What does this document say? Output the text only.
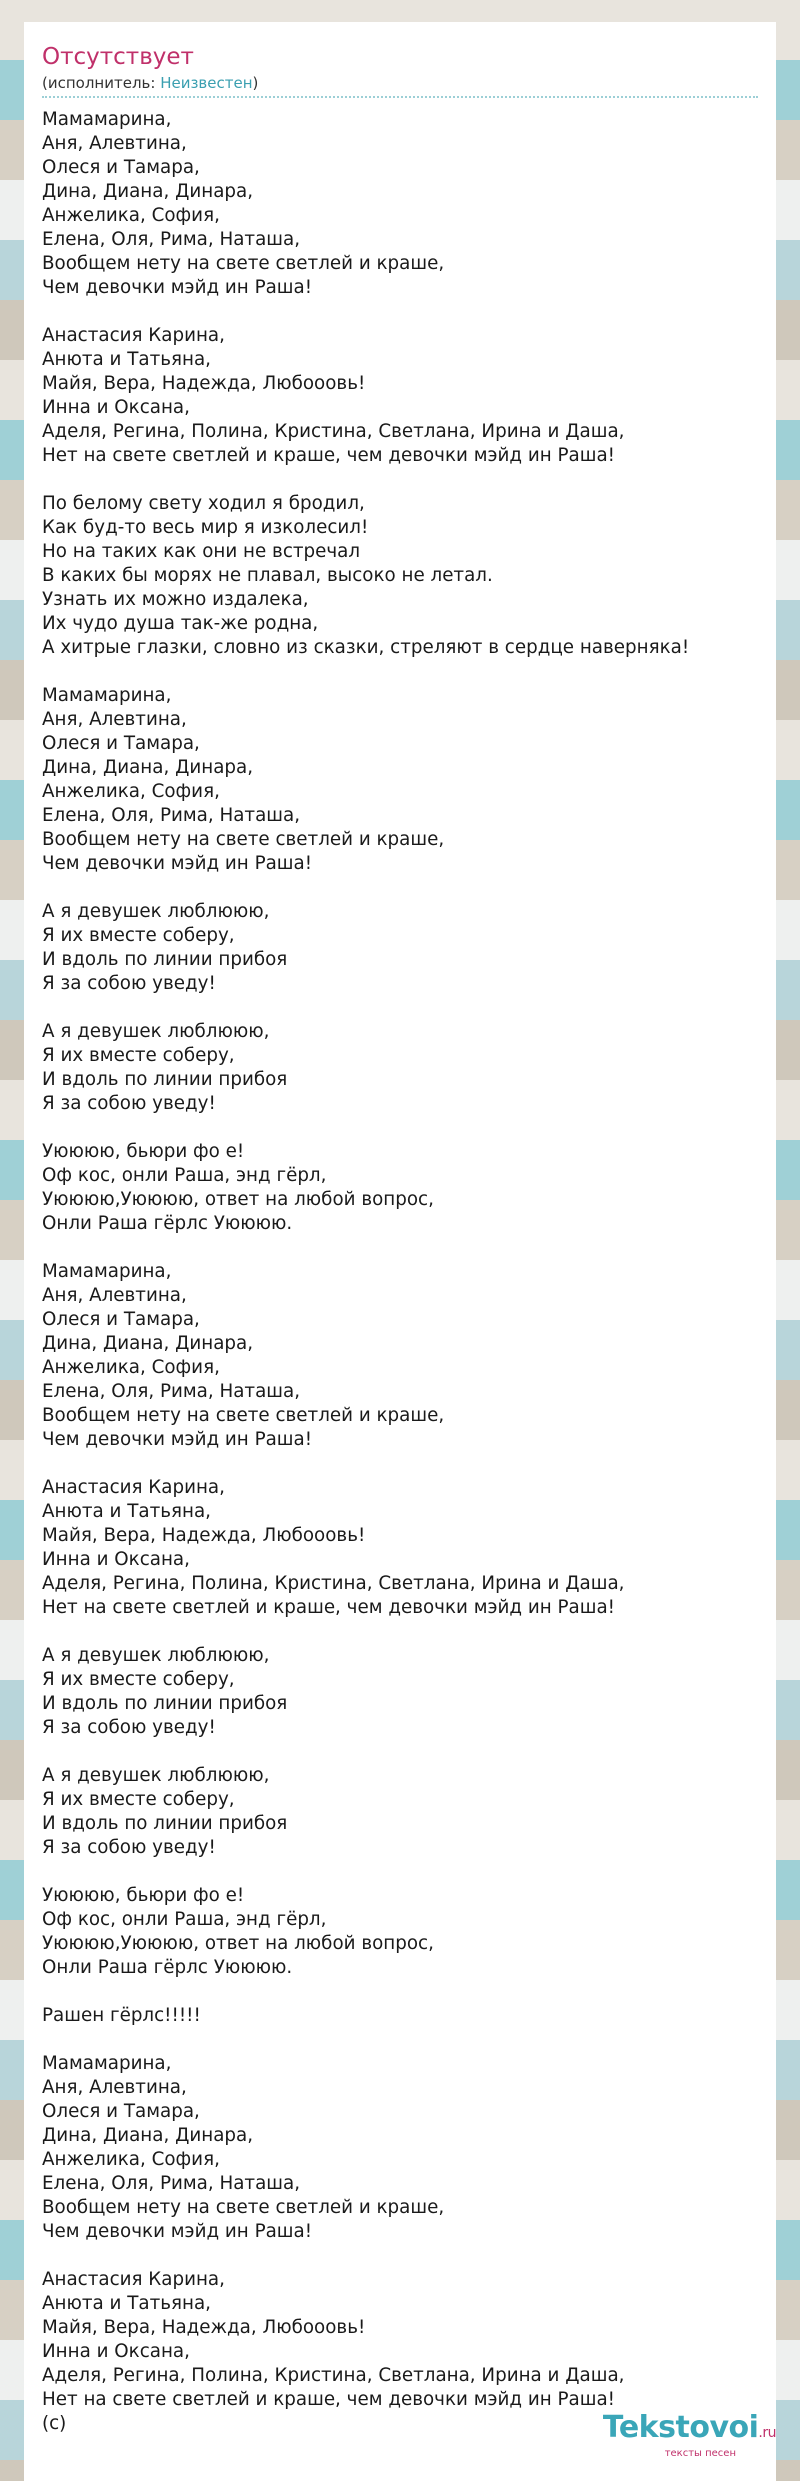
Отсутствует
(исполнитель: Неизвестен)
Мамамарина,
Аня, Алевтина,
Олеся и Тамара,
Дина, Диана, Динара,
Анжелика, София,
Елена, Оля, Рима, Наташа,
Вообщем нету на свете светлей и краше,
Чем девочки мэйд ин Раша!
Анастасия Карина,
Анюта и Татьяна,
Майя, Вера, Надежда, Любооовь!
Инна и Оксана,
Аделя, Регина, Полина, Кристина, Светлана, Ирина и Даша,
Нет на свете светлей и краше, чем девочки мэйд ин Раша!
По белому свету ходил я бродил,
Как буд-то весь мир я изколесил!
Но на таких как они не встречал
В каких бы морях не плавал, высоко не летал.
Узнать их можно издалека,
Их чудо душа так-же родна,
А хитрые глазки, словно из сказки, стреляют в сердце наверняка!
Мамамарина,
Аня, Алевтина,
Олеся и Тамара,
Дина, Диана, Динара,
Анжелика, София,
Елена, Оля, Рима, Наташа,
Вообщем нету на свете светлей и краше,
Чем девочки мэйд ин Раша!
А я девушек люблююю,
Я их вместе соберу,
И вдоль по линии прибоя
Я за собою уведу!
А я девушек люблююю,
Я их вместе соберу,
И вдоль по линии прибоя
Я за собою уведу!
Уюююю, бьюри фо е!
Оф кос, онли Раша, энд гёрл,
Уюююю,Уюююю, ответ на любой вопрос,
Онли Раша гёрлс Уюююю.
Мамамарина,
Аня, Алевтина,
Олеся и Тамара,
Дина, Диана, Динара,
Анжелика, София,
Елена, Оля, Рима, Наташа,
Вообщем нету на свете светлей и краше,
Чем девочки мэйд ин Раша!
Анастасия Карина,
Анюта и Татьяна,
Майя, Вера, Надежда, Любооовь!
Инна и Оксана,
Аделя, Регина, Полина, Кристина, Светлана, Ирина и Даша,
Нет на свете светлей и краше, чем девочки мэйд ин Раша!
А я девушек люблююю,
Я их вместе соберу,
И вдоль по линии прибоя
Я за собою уведу!
А я девушек люблююю,
Я их вместе соберу,
И вдоль по линии прибоя
Я за собою уведу!
Уюююю, бьюри фо е!
Оф кос, онли Раша, энд гёрл,
Уюююю,Уюююю, ответ на любой вопрос,
Онли Раша гёрлс Уюююю.
Рашен гёрлс!!!!!
Мамамарина,
Аня, Алевтина,
Олеся и Тамара,
Дина, Диана, Динара,
Анжелика, София,
Елена, Оля, Рима, Наташа,
Вообщем нету на свете светлей и краше,
Чем девочки мэйд ин Раша!
Анастасия Карина,
Анюта и Татьяна,
Майя, Вера, Надежда, Любооовь!
Инна и Оксана,
Аделя, Регина, Полина, Кристина, Светлана, Ирина и Даша,
Нет на свете светлей и краше, чем девочки мэйд ин Раша!
(c)	Tekstovoi.ru
тексты песен
